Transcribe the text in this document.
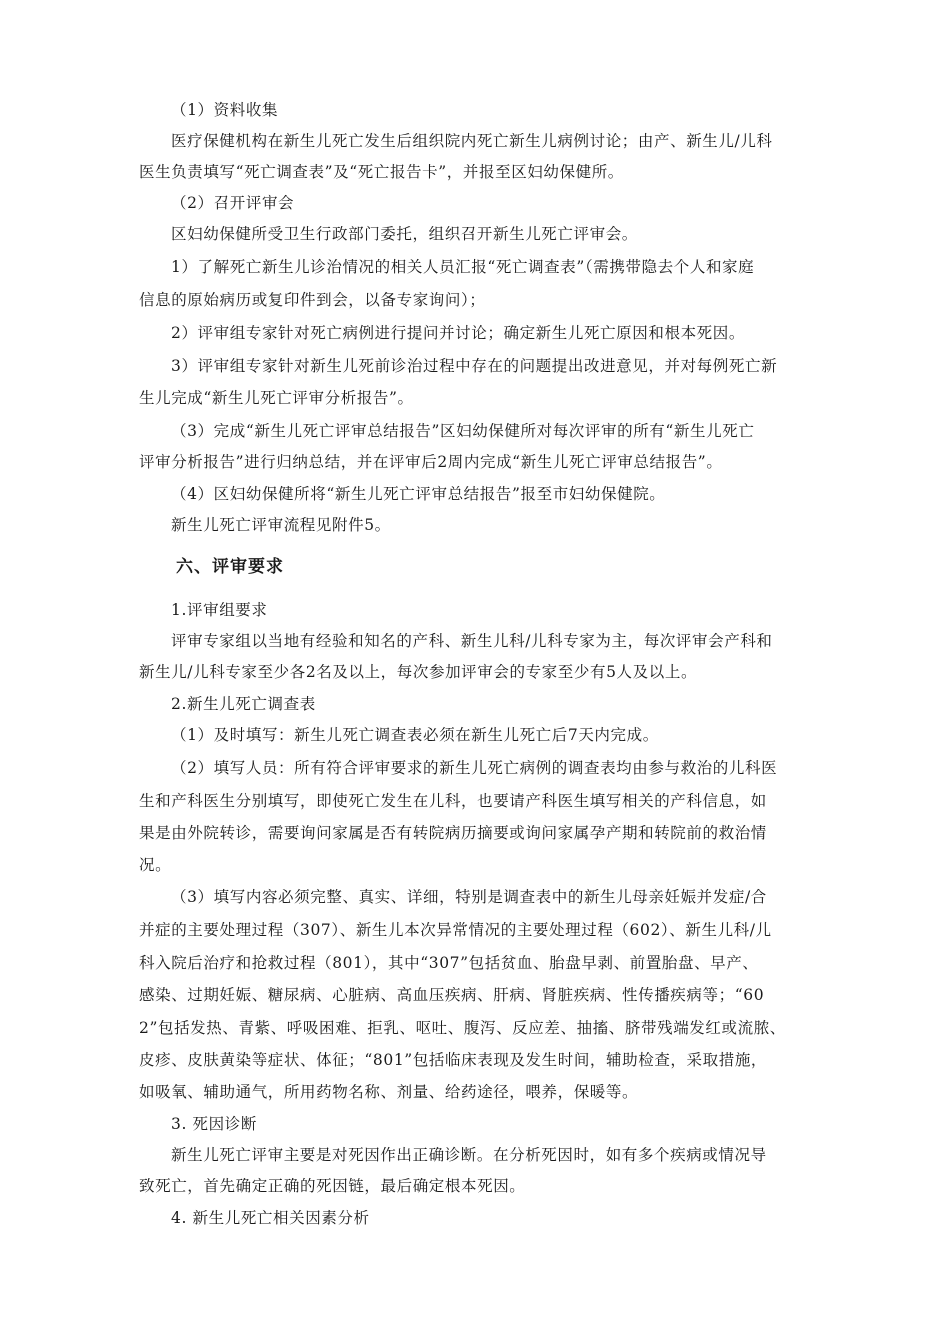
（1）资料收集
医疗保健机构在新生儿死亡发生后组织院内死亡新生儿病例讨论；由产、新生儿/儿科
医生负责填写“死亡调查表”及“死亡报告卡”，并报至区妇幼保健所。
（2）召开评审会
区妇幼保健所受卫生行政部门委托，组织召开新生儿死亡评审会。
1）了解死亡新生儿诊治情况的相关人员汇报“死亡调查表”（需携带隐去个人和家庭
信息的原始病历或复印件到会，以备专家询问）；
2）评审组专家针对死亡病例进行提问并讨论；确定新生儿死亡原因和根本死因。
3）评审组专家针对新生儿死前诊治过程中存在的问题提出改进意见，并对每例死亡新
生儿完成“新生儿死亡评审分析报告”。
（3）完成“新生儿死亡评审总结报告”区妇幼保健所对每次评审的所有“新生儿死亡
评审分析报告”进行归纳总结，并在评审后2周内完成“新生儿死亡评审总结报告”。
（4）区妇幼保健所将“新生儿死亡评审总结报告”报至市妇幼保健院。
新生儿死亡评审流程见附件5。
六、评审要求
1.评审组要求
评审专家组以当地有经验和知名的产科、新生儿科/儿科专家为主，每次评审会产科和
新生儿/儿科专家至少各2名及以上，每次参加评审会的专家至少有5人及以上。
2.新生儿死亡调查表
（1）及时填写：新生儿死亡调查表必须在新生儿死亡后7天内完成。
（2）填写人员：所有符合评审要求的新生儿死亡病例的调查表均由参与救治的儿科医
生和产科医生分别填写，即使死亡发生在儿科，也要请产科医生填写相关的产科信息，如
果是由外院转诊，需要询问家属是否有转院病历摘要或询问家属孕产期和转院前的救治情
况。
（3）填写内容必须完整、真实、详细，特别是调查表中的新生儿母亲妊娠并发症/合
并症的主要处理过程（307）、新生儿本次异常情况的主要处理过程（602）、新生儿科/儿
科入院后治疗和抢救过程（801），其中“307”包括贫血、胎盘早剥、前置胎盘、早产、
感染、过期妊娠、糖尿病、心脏病、高血压疾病、肝病、肾脏疾病、性传播疾病等；“60
2”包括发热、青紫、呼吸困难、拒乳、呕吐、腹泻、反应差、抽搐、脐带残端发红或流脓、
皮疹、皮肤黄染等症状、体征；“801”包括临床表现及发生时间，辅助检查，采取措施，
如吸氧、辅助通气，所用药物名称、剂量、给药途径，喂养，保暖等。
3. 死因诊断
新生儿死亡评审主要是对死因作出正确诊断。在分析死因时，如有多个疾病或情况导
致死亡，首先确定正确的死因链，最后确定根本死因。
4. 新生儿死亡相关因素分析
